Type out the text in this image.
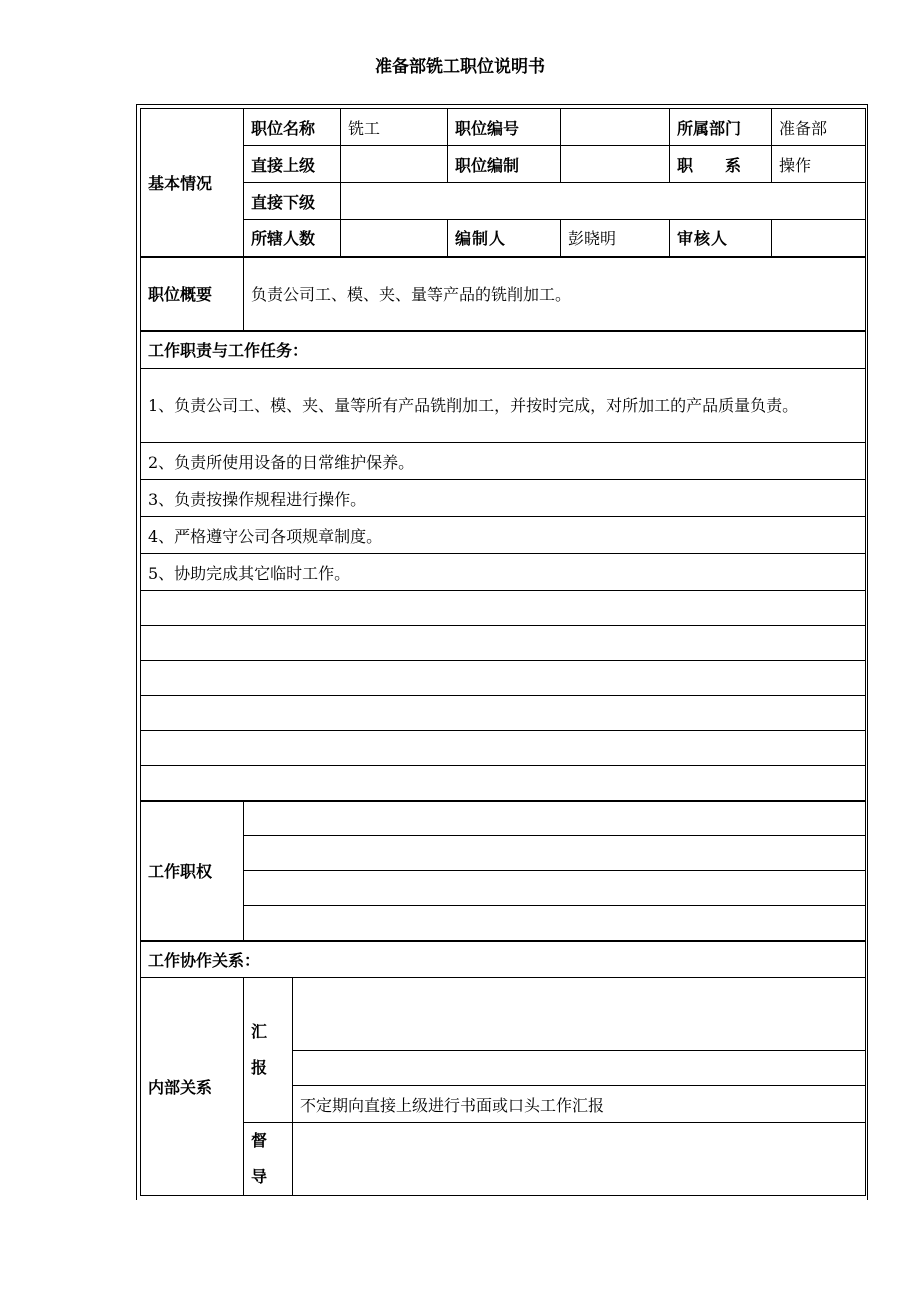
准备部铣工职位说明书
基本情况	职位名称		铣工	职位编号		所属部门	准备部
	直接上级			职位编制		职　　系	操作
	直接下级						
	所辖人数			编制人	彭晓明	审核人	
职位概要	负责公司工、模、夹、量等产品的铣削加工。						
工作职责与工作任务：							
1、负责公司工、模、夹、量等所有产品铣削加工，并按时完成，对所加工的产品质量负责。							
2、负责所使用设备的日常维护保养。							
3、负责按操作规程进行操作。							
4、严格遵守公司各项规章制度。							
5、协助完成其它临时工作。							

工作职权							

工作协作关系：							
内部关系	汇
报						

		不定期向直接上级进行书面或口头工作汇报					

	督
导						
